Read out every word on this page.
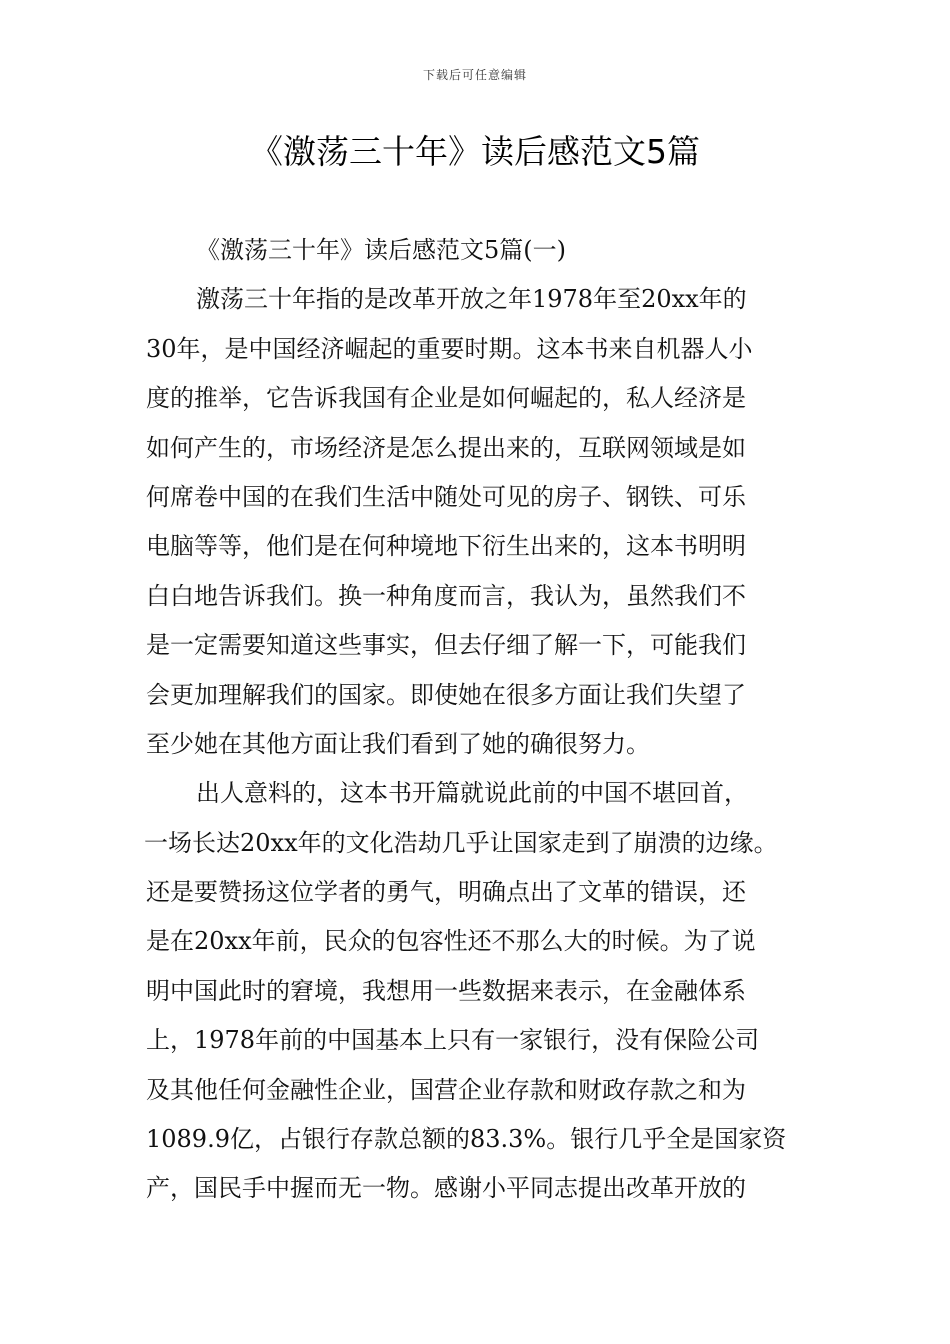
下载后可任意编辑
《激荡三十年》读后感范文5篇
《激荡三十年》读后感范文5篇(一)
激荡三十年指的是改革开放之年1978年至20xx年的
30年，是中国经济崛起的重要时期。这本书来自机器人小
度的推举，它告诉我国有企业是如何崛起的，私人经济是
如何产生的，市场经济是怎么提出来的，互联网领域是如
何席卷中国的在我们生活中随处可见的房子、钢铁、可乐
电脑等等，他们是在何种境地下衍生出来的，这本书明明
白白地告诉我们。换一种角度而言，我认为，虽然我们不
是一定需要知道这些事实，但去仔细了解一下，可能我们
会更加理解我们的国家。即使她在很多方面让我们失望了
至少她在其他方面让我们看到了她的确很努力。
出人意料的，这本书开篇就说此前的中国不堪回首，
一场长达20xx年的文化浩劫几乎让国家走到了崩溃的边缘。
还是要赞扬这位学者的勇气，明确点出了文革的错误，还
是在20xx年前，民众的包容性还不那么大的时候。为了说
明中国此时的窘境，我想用一些数据来表示，在金融体系
上，1978年前的中国基本上只有一家银行，没有保险公司
及其他任何金融性企业，国营企业存款和财政存款之和为
1089.9亿，占银行存款总额的83.3%。银行几乎全是国家资
产，国民手中握而无一物。感谢小平同志提出改革开放的
